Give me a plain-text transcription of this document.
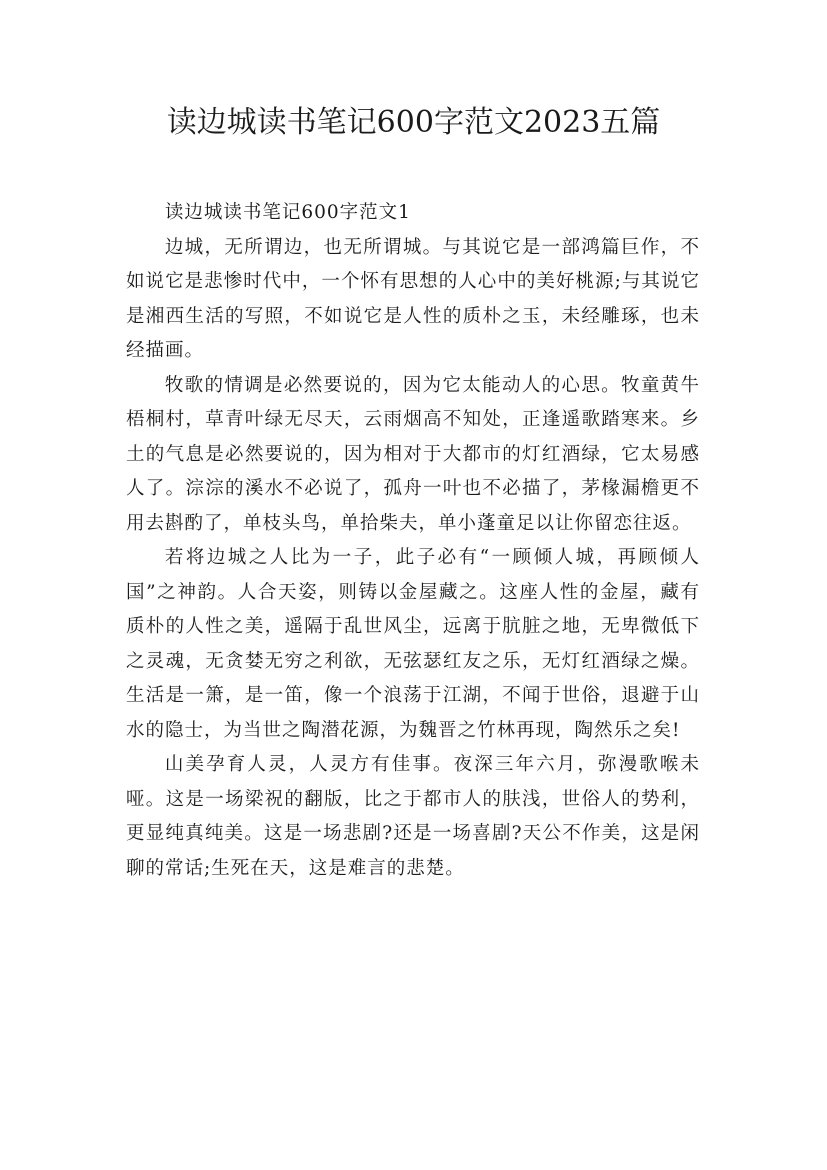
读边城读书笔记600字范文2023五篇

读边城读书笔记600字范文1

边城，无所谓边，也无所谓城。与其说它是一部鸿篇巨作，不如说它是悲惨时代中，一个怀有思想的人心中的美好桃源;与其说它是湘西生活的写照，不如说它是人性的质朴之玉，未经雕琢，也未经描画。

牧歌的情调是必然要说的，因为它太能动人的心思。牧童黄牛梧桐村，草青叶绿无尽天，云雨烟高不知处，正逢遥歌踏寒来。乡土的气息是必然要说的，因为相对于大都市的灯红酒绿，它太易感人了。淙淙的溪水不必说了，孤舟一叶也不必描了，茅椽漏檐更不用去斟酌了，单枝头鸟，单拾柴夫，单小蓬童足以让你留恋往返。

若将边城之人比为一子，此子必有“一顾倾人城，再顾倾人国”之神韵。人合天姿，则铸以金屋藏之。这座人性的金屋，藏有质朴的人性之美，遥隔于乱世风尘，远离于肮脏之地，无卑微低下之灵魂，无贪婪无穷之利欲，无弦瑟红友之乐，无灯红酒绿之燥。生活是一箫，是一笛，像一个浪荡于江湖，不闻于世俗，退避于山水的隐士，为当世之陶潜花源，为魏晋之竹林再现，陶然乐之矣!

山美孕育人灵，人灵方有佳事。夜深三年六月，弥漫歌喉未哑。这是一场梁祝的翻版，比之于都市人的肤浅，世俗人的势利，更显纯真纯美。这是一场悲剧?还是一场喜剧?天公不作美，这是闲聊的常话;生死在天，这是难言的悲楚。
